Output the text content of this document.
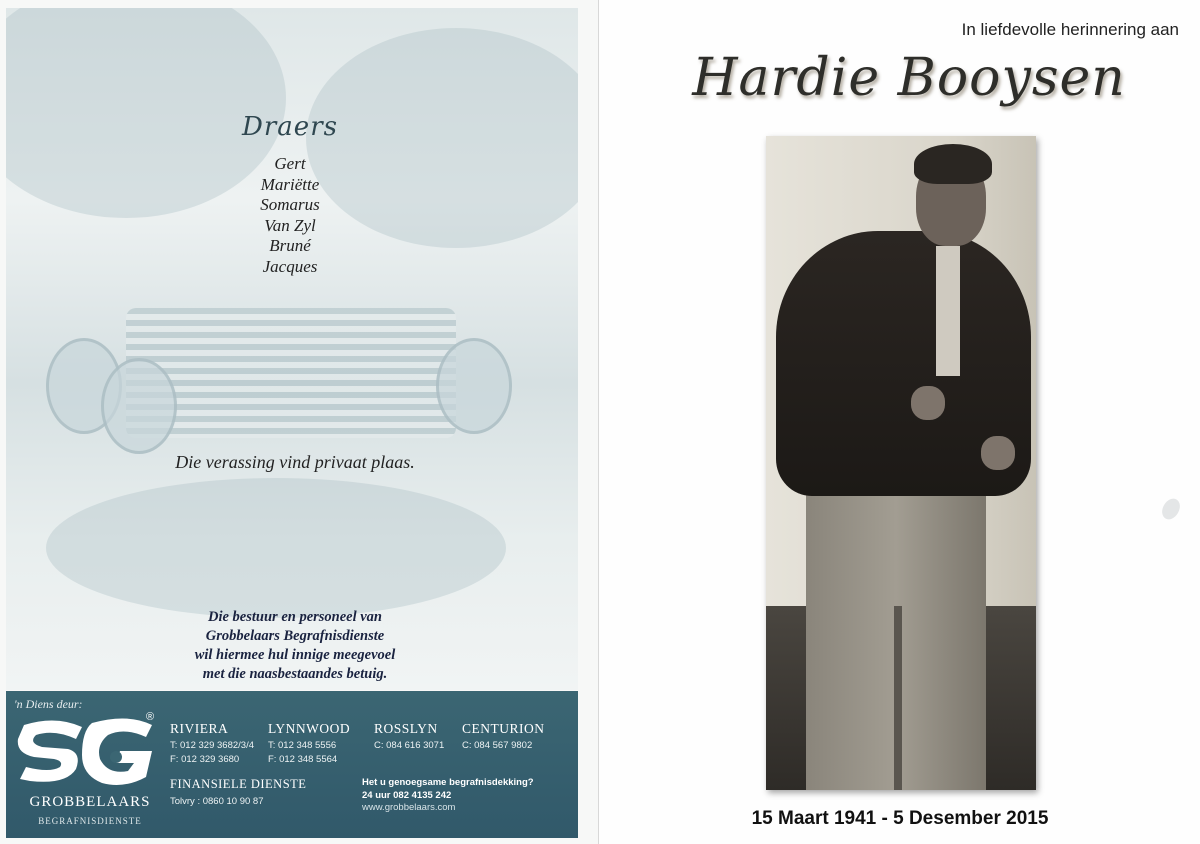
Draers
Gert
Mariëtte
Somarus
Van Zyl
Bruné
Jacques
Die verassing vind privaat plaas.
Die bestuur en personeel van
Grobbelaars Begrafnisdienste
wil hiermee hul innige meegevoel
met die naasbestaandes betuig.
'n Diens deur:
®
GROBBELAARS
BEGRAFNISDIENSTE
RIVIERA
T: 012 329 3682/3/4
F: 012 329 3680
LYNNWOOD
T: 012 348 5556
F: 012 348 5564
ROSSLYN
C: 084 616 3071
CENTURION
C: 084 567 9802
FINANSIELE DIENSTE
Tolvry : 0860 10 90 87
Het u genoegsame begrafnisdekking?
24 uur 082 4135 242
www.grobbelaars.com
In liefdevolle herinnering aan
Hardie Booysen
15 Maart 1941 - 5 Desember 2015
